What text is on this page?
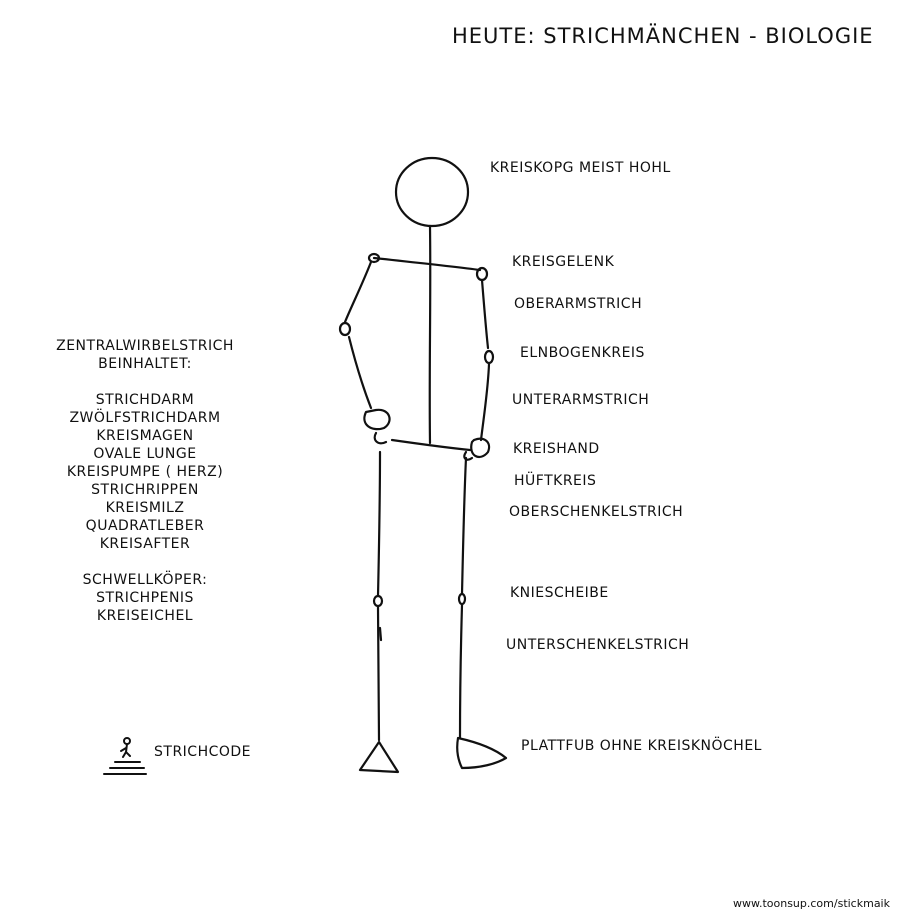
HEUTE: STRICHMÄNCHEN - BIOLOGIE
KREISKOPG MEIST HOHL
KREISGELENK
OBERARMSTRICH
ELNBOGENKREIS
UNTERARMSTRICH
KREISHAND
HÜFTKREIS
OBERSCHENKELSTRICH
KNIESCHEIBE
UNTERSCHENKELSTRICH
PLATTFUB OHNE KREISKNÖCHEL
ZENTRALWIRBELSTRICH
BEINHALTET:
STRICHDARM
ZWÖLFSTRICHDARM
KREISMAGEN
OVALE LUNGE
KREISPUMPE ( HERZ)
STRICHRIPPEN
KREISMILZ
QUADRATLEBER
KREISAFTER
SCHWELLKÖPER:
STRICHPENIS
KREISEICHEL
STRICHCODE
www.toonsup.com/stickmaik
